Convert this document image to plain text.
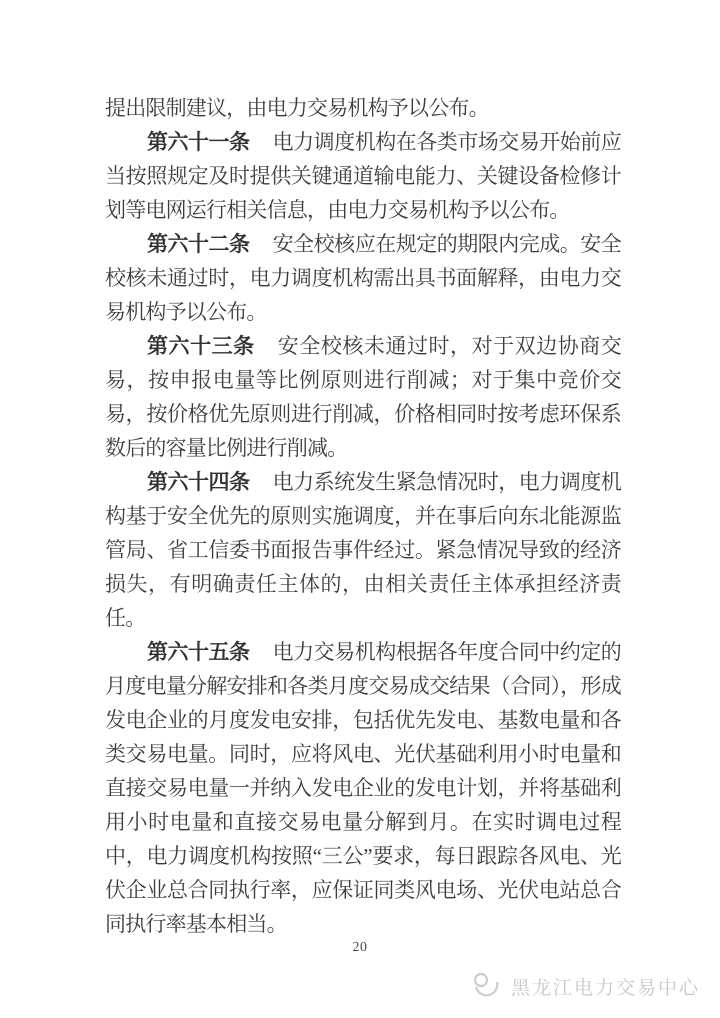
提出限制建议，由电力交易机构予以公布。

第六十一条 电力调度机构在各类市场交易开始前应当按照规定及时提供关键通道输电能力、关键设备检修计划等电网运行相关信息，由电力交易机构予以公布。

第六十二条 安全校核应在规定的期限内完成。安全校核未通过时，电力调度机构需出具书面解释，由电力交易机构予以公布。

第六十三条 安全校核未通过时，对于双边协商交易，按申报电量等比例原则进行削减；对于集中竞价交易，按价格优先原则进行削减，价格相同时按考虑环保系数后的容量比例进行削减。

第六十四条 电力系统发生紧急情况时，电力调度机构基于安全优先的原则实施调度，并在事后向东北能源监管局、省工信委书面报告事件经过。紧急情况导致的经济损失，有明确责任主体的，由相关责任主体承担经济责任。

第六十五条 电力交易机构根据各年度合同中约定的月度电量分解安排和各类月度交易成交结果（合同），形成发电企业的月度发电安排，包括优先发电、基数电量和各类交易电量。同时，应将风电、光伏基础利用小时电量和直接交易电量一并纳入发电企业的发电计划，并将基础利用小时电量和直接交易电量分解到月。在实时调电过程中，电力调度机构按照“三公”要求，每日跟踪各风电、光伏企业总合同执行率，应保证同类风电场、光伏电站总合同执行率基本相当。

20
黑龙江电力交易中心
